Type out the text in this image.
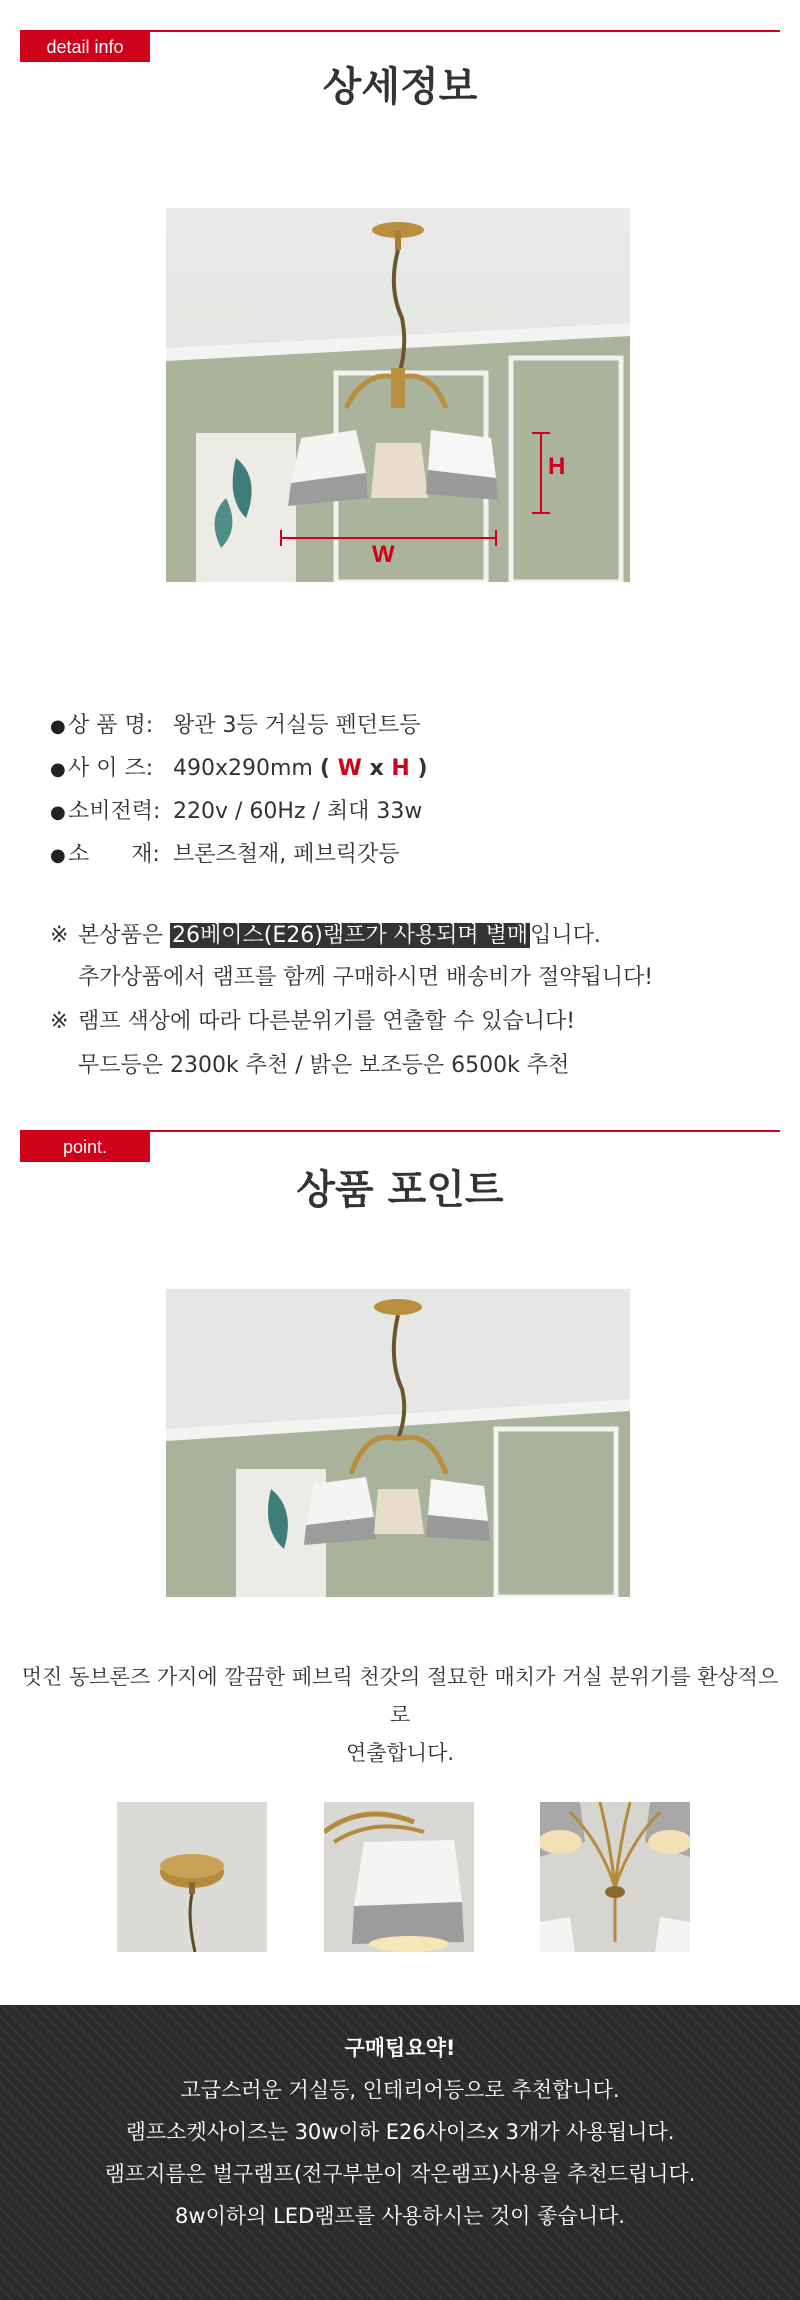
detail info
상세정보
H
W
● 상 품 명: 왕관 3등 거실등 펜던트등
● 사 이 즈: 490x290mm ( W x H )
● 소비전력: 220v / 60Hz / 최대 33w
● 소      재: 브론즈철재, 페브릭갓등
※ 본상품은 26베이스(E26)램프가 사용되며 별매입니다.
추가상품에서 램프를 함께 구매하시면 배송비가 절약됩니다!
※ 램프 색상에 따라 다른분위기를 연출할 수 있습니다!
무드등은 2300k 추천 / 밝은 보조등은 6500k 추천
point.
상품 포인트
멋진 동브론즈 가지에 깔끔한 페브릭 천갓의 절묘한 매치가 거실 분위기를 환상적으로
연출합니다.
구매팁요약!
고급스러운 거실등, 인테리어등으로 추천합니다.
램프소켓사이즈는 30w이하 E26사이즈x 3개가 사용됩니다.
램프지름은 벌구램프(전구부분이 작은램프)사용을 추천드립니다.
8w이하의 LED램프를 사용하시는 것이 좋습니다.
